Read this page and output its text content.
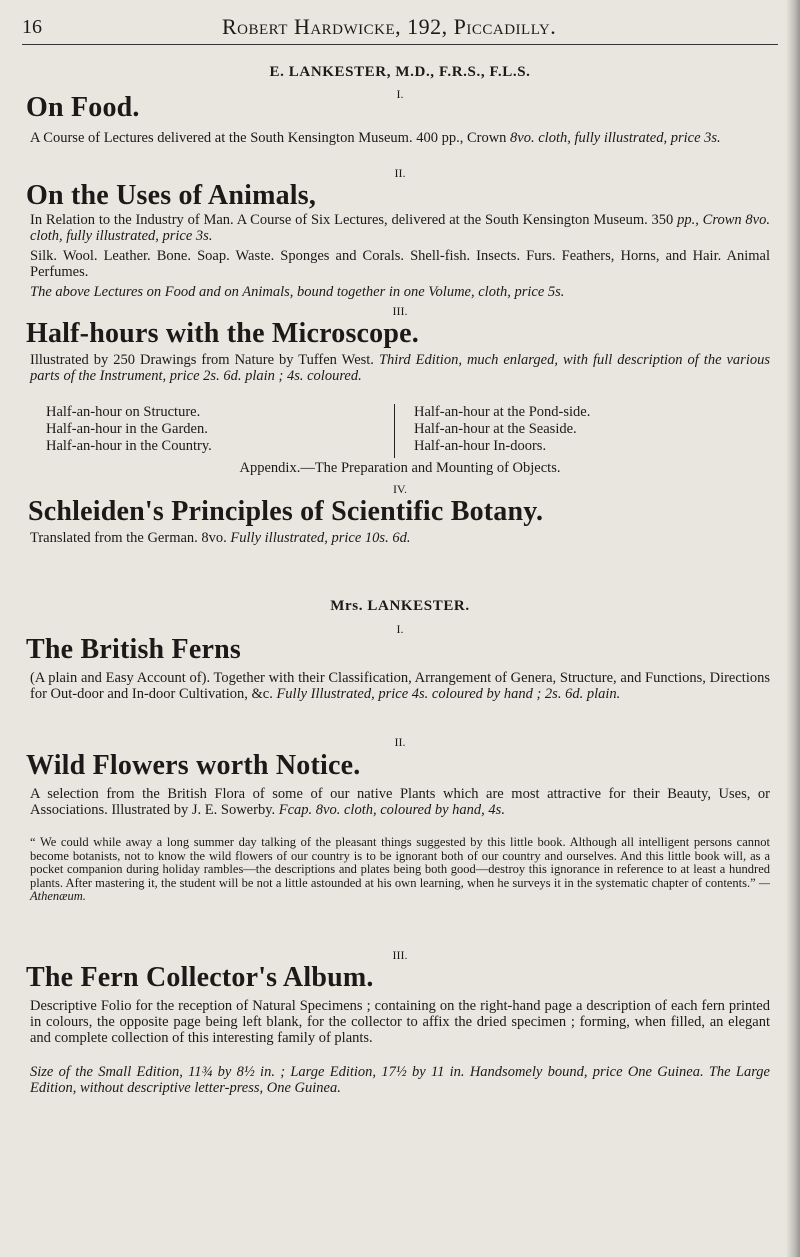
16	Robert Hardwicke, 192, Piccadilly.
E. LANKESTER, M.D., F.R.S., F.L.S.
I.
On Food.
A Course of Lectures delivered at the South Kensington Museum. 400 pp., Crown 8vo. cloth, fully illustrated, price 3s.
II.
On the Uses of Animals,
In Relation to the Industry of Man. A Course of Six Lectures, delivered at the South Kensington Museum. 350 pp., Crown 8vo. cloth, fully illustrated, price 3s.
Silk. Wool. Leather. Bone. Soap. Waste. Sponges and Corals. Shell-fish. Insects. Furs. Feathers, Horns, and Hair. Animal Perfumes.
The above Lectures on Food and on Animals, bound together in one Volume, cloth, price 5s.
III.
Half-hours with the Microscope.
Illustrated by 250 Drawings from Nature by Tuffen West. Third Edition, much enlarged, with full description of the various parts of the Instrument, price 2s. 6d. plain ; 4s. coloured.
Half-an-hour on Structure.
Half-an-hour in the Garden.
Half-an-hour in the Country.
Half-an-hour at the Pond-side.
Half-an-hour at the Seaside.
Half-an-hour In-doors.
Appendix.—The Preparation and Mounting of Objects.
IV.
Schleiden's Principles of Scientific Botany.
Translated from the German. 8vo. Fully illustrated, price 10s. 6d.
Mrs. LANKESTER.
I.
The British Ferns
(A plain and Easy Account of). Together with their Classification, Arrangement of Genera, Structure, and Functions, Directions for Out-door and In-door Cultivation, &c. Fully Illustrated, price 4s. coloured by hand ; 2s. 6d. plain.
II.
Wild Flowers worth Notice.
A selection from the British Flora of some of our native Plants which are most attractive for their Beauty, Uses, or Associations. Illustrated by J. E. Sowerby. Fcap. 8vo. cloth, coloured by hand, 4s.
“ We could while away a long summer day talking of the pleasant things suggested by this little book. Although all intelligent persons cannot become botanists, not to know the wild flowers of our country is to be ignorant both of our country and ourselves. And this little book will, as a pocket companion during holiday rambles—the descriptions and plates being both good—destroy this ignorance in reference to at least a hundred plants. After mastering it, the student will be not a little astounded at his own learning, when he surveys it in the systematic chapter of contents.” —Athenæum.
III.
The Fern Collector's Album.
Descriptive Folio for the reception of Natural Specimens ; containing on the right-hand page a description of each fern printed in colours, the opposite page being left blank, for the collector to affix the dried specimen ; forming, when filled, an elegant and complete collection of this interesting family of plants.
Size of the Small Edition, 11¾ by 8½ in. ; Large Edition, 17½ by 11 in. Handsomely bound, price One Guinea. The Large Edition, without descriptive letter-press, One Guinea.
